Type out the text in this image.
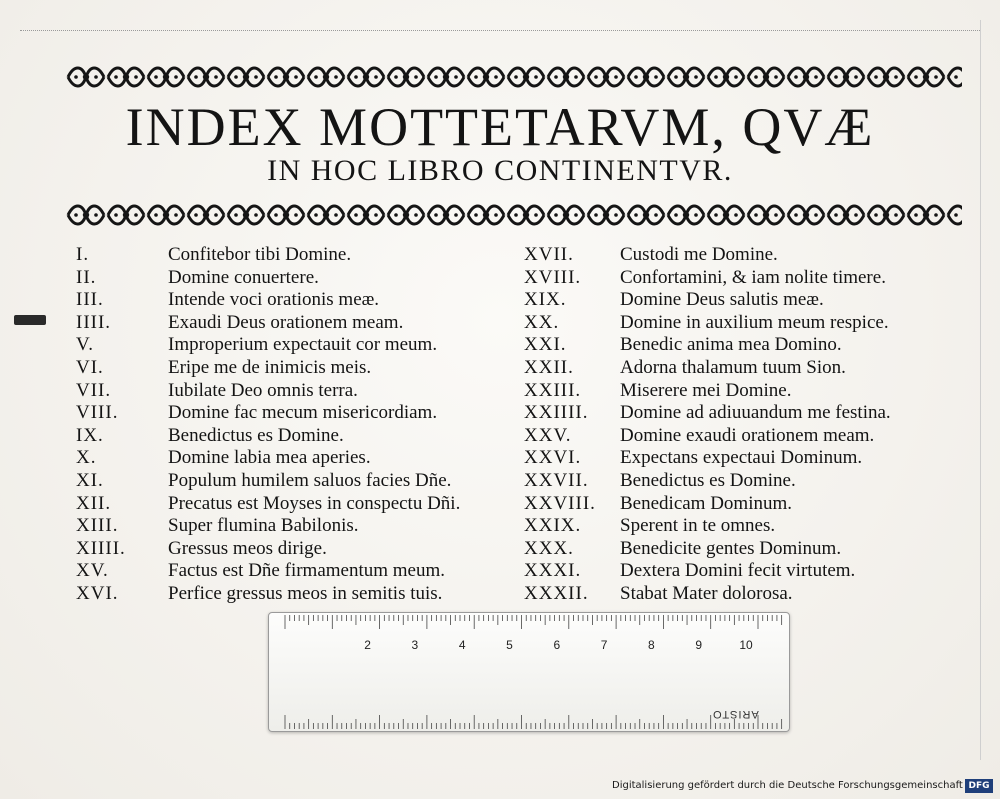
INDEX MOTTETARVM, QVÆ
IN HOC LIBRO CONTINENTVR.
I.	Confitebor tibi Domine.
II.	Domine conuertere.
III.	Intende voci orationis meæ.
IIII.	Exaudi Deus orationem meam.
V.	Improperium expectauit cor meum.
VI.	Eripe me de inimicis meis.
VII.	Iubilate Deo omnis terra.
VIII.	Domine fac mecum misericordiam.
IX.	Benedictus es Domine.
X.	Domine labia mea aperies.
XI.	Populum humilem saluos facies Dñe.
XII.	Precatus est Moyses in conspectu Dñi.
XIII.	Super flumina Babilonis.
XIIII. Gressus meos dirige.
XV.	Factus est Dñe firmamentum meum.
XVI.	Perfice gressus meos in semitis tuis.
XVII. Custodi me Domine.
XVIII. Confortamini, & iam nolite timere.
XIX.	Domine Deus salutis meæ.
XX.	Domine in auxilium meum respice.
XXI.	Benedic anima mea Domino.
XXII. Adorna thalamum tuum Sion.
XXIII. Miserere mei Domine.
XXIIII. Domine ad adiuuandum me festina.
XXV.	Domine exaudi orationem meam.
XXVI. Expectans expectaui Dominum.
XXVII. Benedictus es Domine.
XXVIII. Benedicam Dominum.
XXIX. Sperent in te omnes.
XXX. Benedicite gentes Dominum.
XXXI. Dextera Domini fecit virtutem.
XXXII. Stabat Mater dolorosa.
2	3	4	5	6	7	8	9	10
ARISTO
Digitalisierung gefördert durch die Deutsche Forschungsgemeinschaft DFG
